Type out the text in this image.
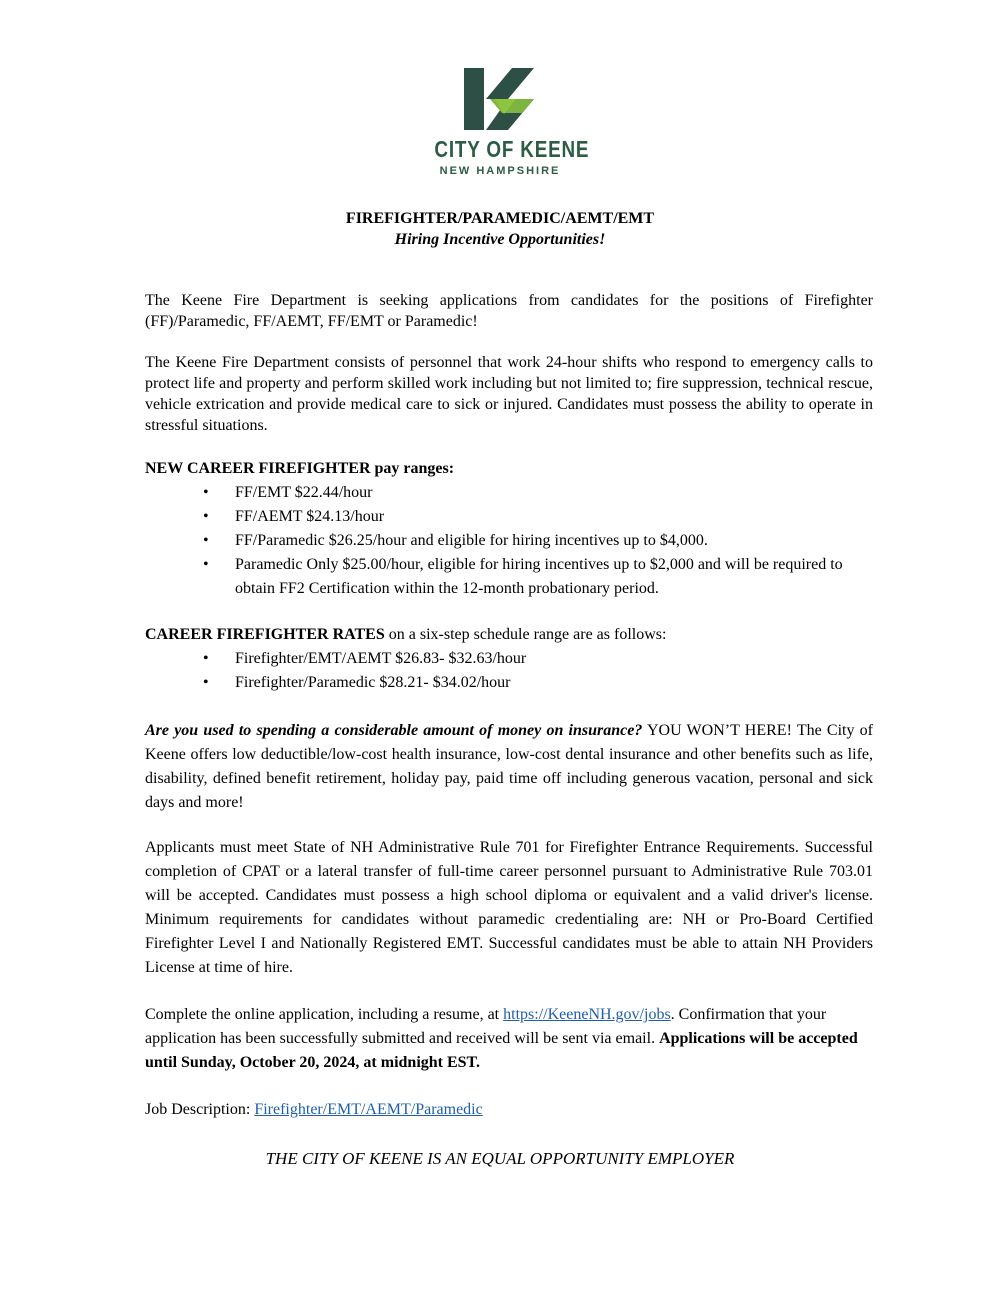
CITY OF KEENE
NEW HAMPSHIRE
FIREFIGHTER/PARAMEDIC/AEMT/EMT
Hiring Incentive Opportunities!
The Keene Fire Department is seeking applications from candidates for the positions of Firefighter (FF)/Paramedic, FF/AEMT, FF/EMT or Paramedic!
The Keene Fire Department consists of personnel that work 24-hour shifts who respond to emergency calls to protect life and property and perform skilled work including but not limited to; fire suppression, technical rescue, vehicle extrication and provide medical care to sick or injured. Candidates must possess the ability to operate in stressful situations.
NEW CAREER FIREFIGHTER pay ranges:
• FF/EMT $22.44/hour
• FF/AEMT $24.13/hour
• FF/Paramedic $26.25/hour and eligible for hiring incentives up to $4,000.
• Paramedic Only $25.00/hour, eligible for hiring incentives up to $2,000 and will be required to obtain FF2 Certification within the 12-month probationary period.
CAREER FIREFIGHTER RATES on a six-step schedule range are as follows:
• Firefighter/EMT/AEMT $26.83- $32.63/hour
• Firefighter/Paramedic $28.21- $34.02/hour
Are you used to spending a considerable amount of money on insurance? YOU WON’T HERE! The City of Keene offers low deductible/low-cost health insurance, low-cost dental insurance and other benefits such as life, disability, defined benefit retirement, holiday pay, paid time off including generous vacation, personal and sick days and more!
Applicants must meet State of NH Administrative Rule 701 for Firefighter Entrance Requirements. Successful completion of CPAT or a lateral transfer of full-time career personnel pursuant to Administrative Rule 703.01 will be accepted. Candidates must possess a high school diploma or equivalent and a valid driver's license. Minimum requirements for candidates without paramedic credentialing are: NH or Pro-Board Certified Firefighter Level I and Nationally Registered EMT. Successful candidates must be able to attain NH Providers License at time of hire.
Complete the online application, including a resume, at https://KeeneNH.gov/jobs. Confirmation that your application has been successfully submitted and received will be sent via email. Applications will be accepted until Sunday, October 20, 2024, at midnight EST.
Job Description: Firefighter/EMT/AEMT/Paramedic
THE CITY OF KEENE IS AN EQUAL OPPORTUNITY EMPLOYER
